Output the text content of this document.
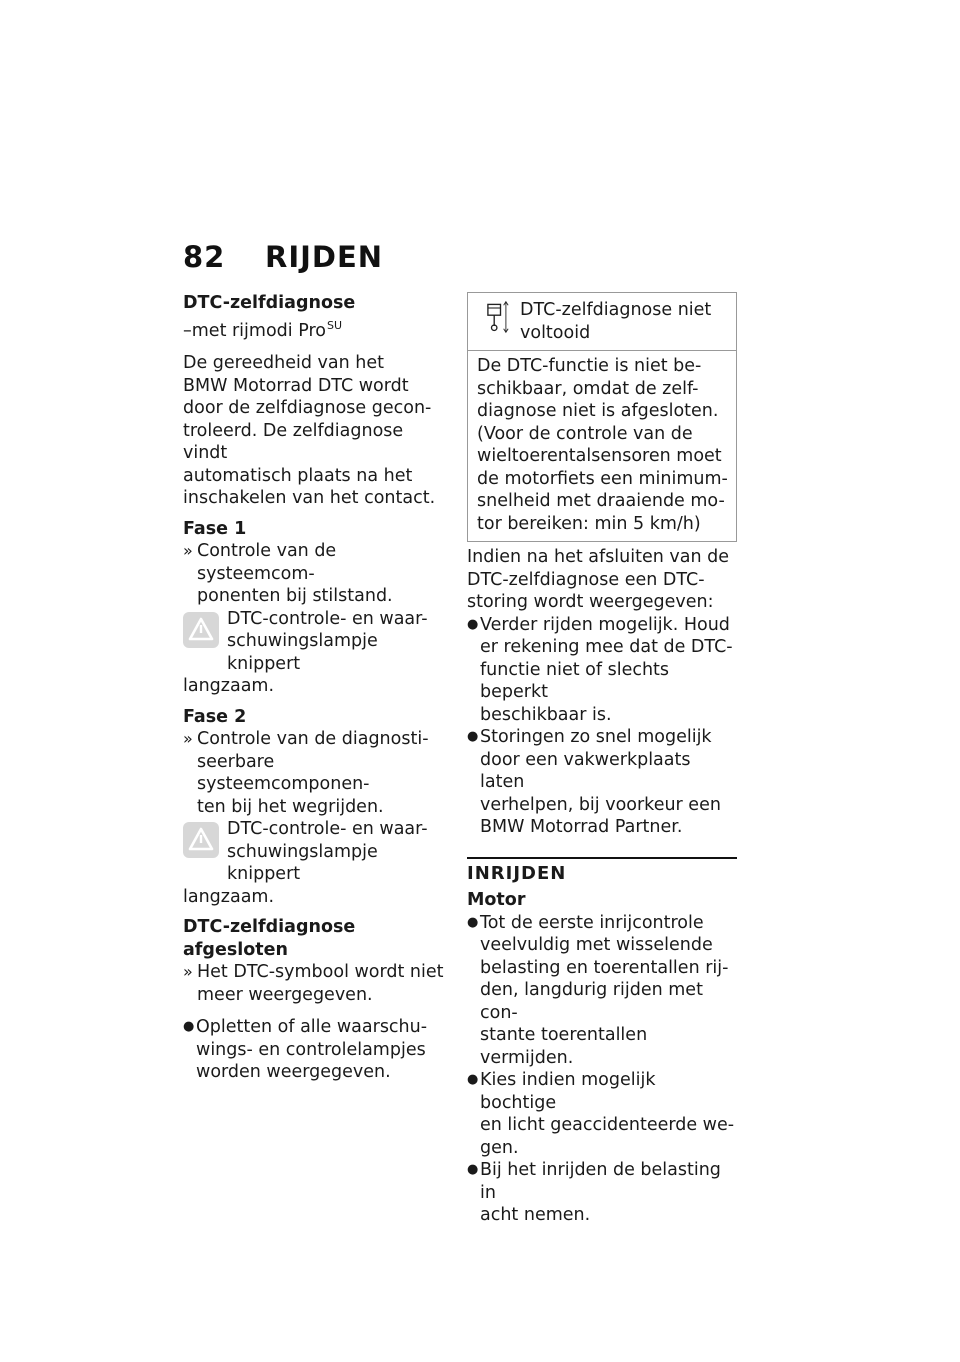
82	RIJDEN

DTC-zelfdiagnose

–met rijmodi Pro$^{SU}$

De gereedheid van het
BMW Motorrad DTC wordt
door de zelfdiagnose gecon-
troleerd. De zelfdiagnose vindt
automatisch plaats na het
inschakelen van het contact.

Fase 1

» Controle van de systeemcom-
ponenten bij stilstand.
DTC-controle- en waar-
schuwingslampje knippert
langzaam.

Fase 2

» Controle van de diagnosti-
seerbare systeemcomponen-
ten bij het wegrijden.
DTC-controle- en waar-
schuwingslampje knippert
langzaam.

DTC-zelfdiagnose afgesloten

» Het DTC-symbool wordt niet
meer weergegeven.
● Opletten of alle waarschu-
wings- en controlelampjes
worden weergegeven.
DTC-zelfdiagnose niet
voltooid
De DTC-functie is niet be-
schikbaar, omdat de zelf-
diagnose niet is afgesloten.
(Voor de controle van de
wieltoerentalsensoren moet
de motorfiets een minimum-
snelheid met draaiende mo-
tor bereiken: min 5 km/h)
Indien na het afsluiten van de
DTC-zelfdiagnose een DTC-
storing wordt weergegeven:
● Verder rijden mogelijk. Houd
er rekening mee dat de DTC-
functie niet of slechts beperkt
beschikbaar is.
● Storingen zo snel mogelijk
door een vakwerkplaats laten
verhelpen, bij voorkeur een
BMW Motorrad Partner.

INRIJDEN

Motor

● Tot de eerste inrijcontrole
veelvuldig met wisselende
belasting en toerentallen rij-
den, langdurig rijden met con-
stante toerentallen vermijden.
● Kies indien mogelijk bochtige
en licht geaccidenteerde we-
gen.
● Bij het inrijden de belasting in
acht nemen.
